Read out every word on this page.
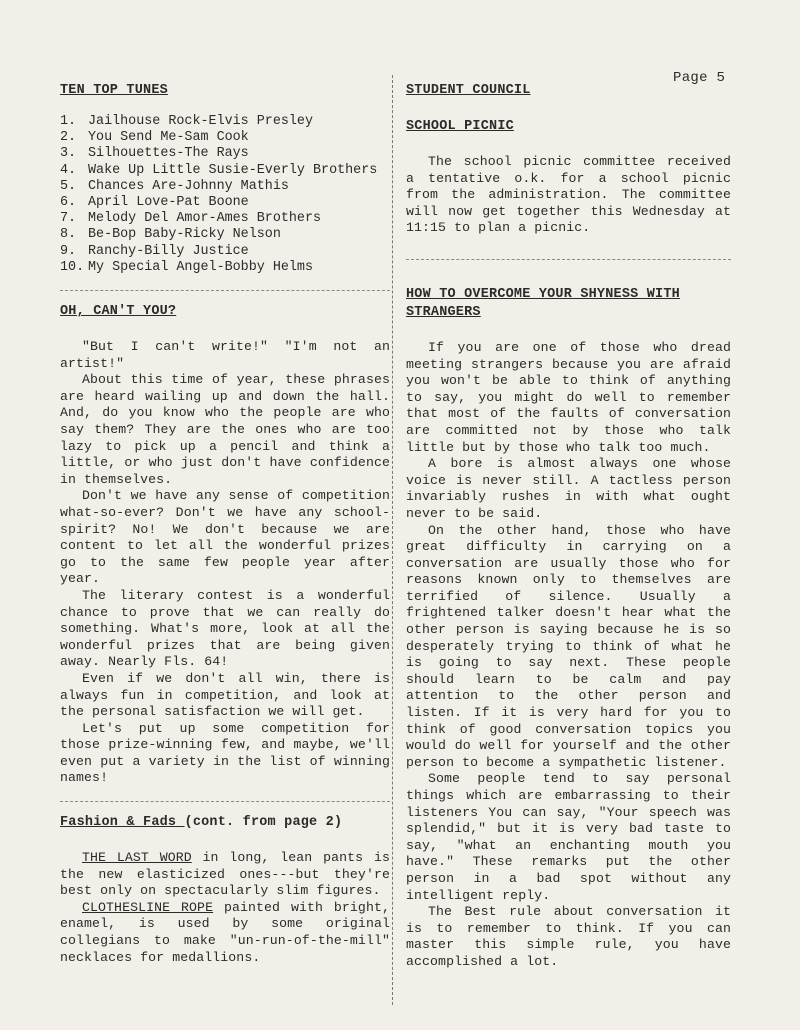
Page 5
TEN TOP TUNES
1. Jailhouse Rock-Elvis Presley
2. You Send Me-Sam Cook
3. Silhouettes-The Rays
4. Wake Up Little Susie-Everly Brothers
5. Chances Are-Johnny Mathis
6. April Love-Pat Boone
7. Melody Del Amor-Ames Brothers
8. Be-Bop Baby-Ricky Nelson
9. Ranchy-Billy Justice
10. My Special Angel-Bobby Helms
OH, CAN'T YOU?

"But I can't write!" "I'm not an artist!"

About this time of year, these phrases are heard wailing up and down the hall. And, do you know who the people are who say them? They are the ones who are too lazy to pick up a pencil and think a little, or who just don't have confidence in themselves.

Don't we have any sense of competition what-so-ever? Don't we have any school-spirit? No! We don't because we are content to let all the wonderful prizes go to the same few people year after year.

The literary contest is a wonderful chance to prove that we can really do something. What's more, look at all the wonderful prizes that are being given away. Nearly Fls. 64!

Even if we don't all win, there is always fun in competition, and look at the personal satisfaction we will get.

Let's put up some competition for those prize-winning few, and maybe, we'll even put a variety in the list of winning names!

Fashion & Fads (cont. from page 2)

THE LAST WORD in long, lean pants is the new elasticized ones---but they're best only on spectacularly slim figures.

CLOTHESLINE ROPE painted with bright, enamel, is used by some original collegians to make "un-run-of-the-mill" necklaces for medallions.

STUDENT COUNCIL
SCHOOL PICNIC

The school picnic committee received a tentative o.k. for a school picnic from the administration. The committee will now get together this Wednesday at 11:15 to plan a picnic.

HOW TO OVERCOME YOUR SHYNESS WITH STRANGERS

If you are one of those who dread meeting strangers because you are afraid you won't be able to think of anything to say, you might do well to remember that most of the faults of conversation are committed not by those who talk little but by those who talk too much.

A bore is almost always one whose voice is never still. A tactless person invariably rushes in with what ought never to be said.

On the other hand, those who have great difficulty in carrying on a conversation are usually those who for reasons known only to themselves are terrified of silence. Usually a frightened talker doesn't hear what the other person is saying because he is so desperately trying to think of what he is going to say next. These people should learn to be calm and pay attention to the other person and listen. If it is very hard for you to think of good conversation topics you would do well for yourself and the other person to become a sympathetic listener.

Some people tend to say personal things which are embarrassing to their listeners You can say, "Your speech was splendid," but it is very bad taste to say, "what an enchanting mouth you have." These remarks put the other person in a bad spot without any intelligent reply.

The Best rule about conversation it is to remember to think. If you can master this simple rule, you have accomplished a lot.
